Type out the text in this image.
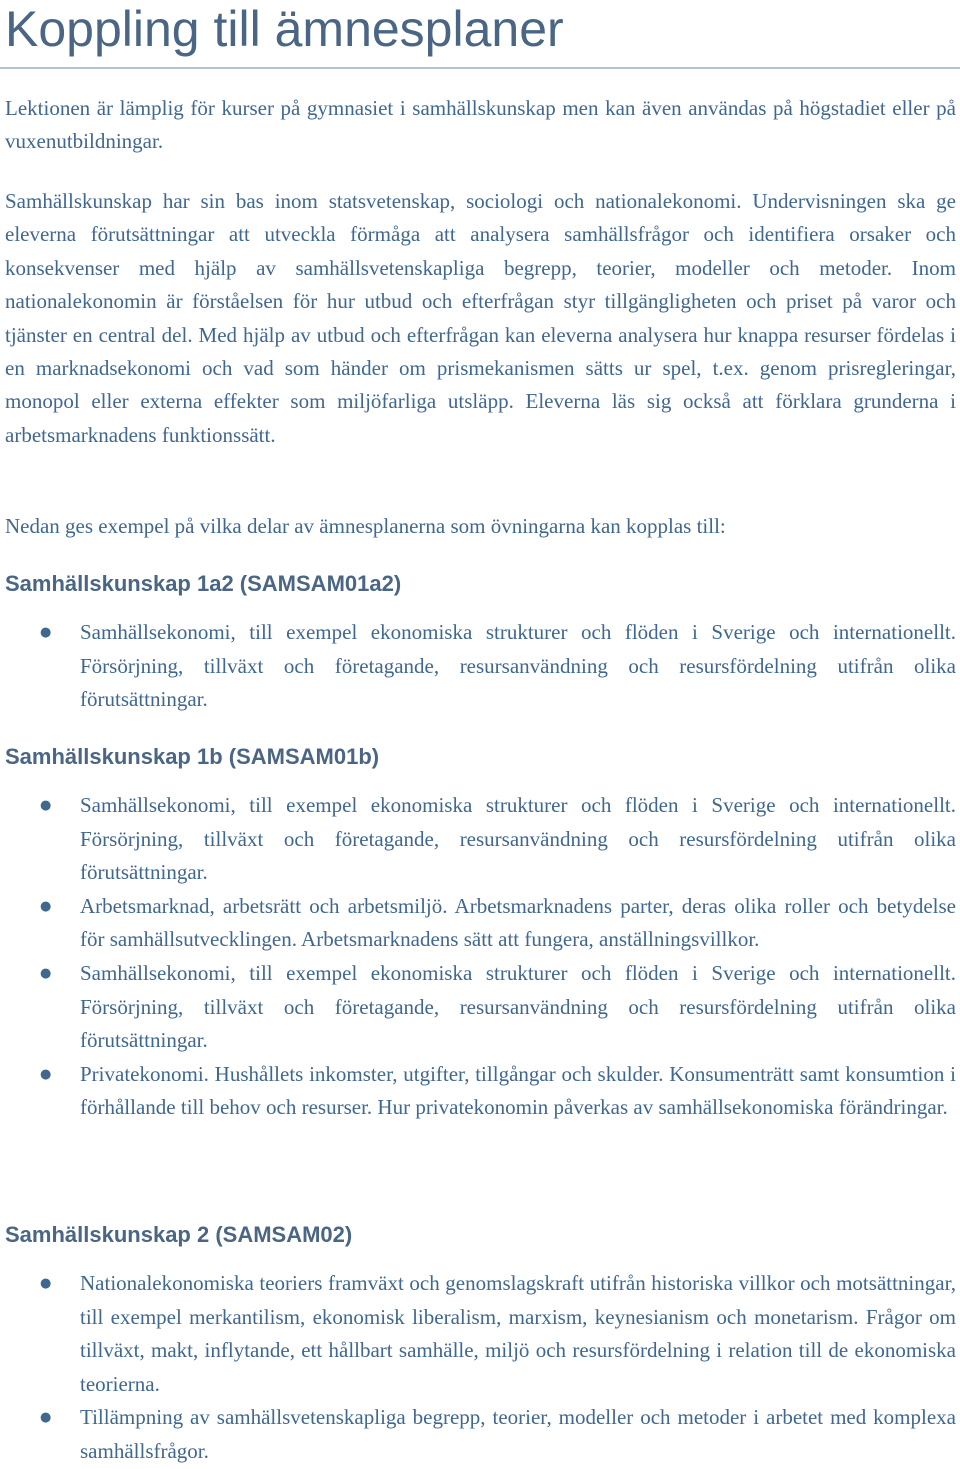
Koppling till ämnesplaner

Lektionen är lämplig för kurser på gymnasiet i samhällskunskap men kan även användas på högstadiet eller på vuxenutbildningar.

Samhällskunskap har sin bas inom statsvetenskap, sociologi och nationalekonomi. Undervisningen ska ge eleverna förutsättningar att utveckla förmåga att analysera samhällsfrågor och identifiera orsaker och konsekvenser med hjälp av samhällsvetenskapliga begrepp, teorier, modeller och metoder. Inom nationalekonomin är förståelsen för hur utbud och efterfrågan styr tillgängligheten och priset på varor och tjänster en central del. Med hjälp av utbud och efterfrågan kan eleverna analysera hur knappa resurser fördelas i en marknadsekonomi och vad som händer om prismekanismen sätts ur spel, t.ex. genom prisregleringar, monopol eller externa effekter som miljöfarliga utsläpp. Eleverna läs sig också att förklara grunderna i arbetsmarknadens funktionssätt.

Nedan ges exempel på vilka delar av ämnesplanerna som övningarna kan kopplas till:

Samhällskunskap 1a2 (SAMSAM01a2)
● Samhällsekonomi, till exempel ekonomiska strukturer och flöden i Sverige och internationellt. Försörjning, tillväxt och företagande, resursanvändning och resursfördelning utifrån olika förutsättningar.
Samhällskunskap 1b (SAMSAM01b)
● Samhällsekonomi, till exempel ekonomiska strukturer och flöden i Sverige och internationellt. Försörjning, tillväxt och företagande, resursanvändning och resursfördelning utifrån olika förutsättningar.
● Arbetsmarknad, arbetsrätt och arbetsmiljö. Arbetsmarknadens parter, deras olika roller och betydelse för samhällsutvecklingen. Arbetsmarknadens sätt att fungera, anställningsvillkor.
● Samhällsekonomi, till exempel ekonomiska strukturer och flöden i Sverige och internationellt. Försörjning, tillväxt och företagande, resursanvändning och resursfördelning utifrån olika förutsättningar.
● Privatekonomi. Hushållets inkomster, utgifter, tillgångar och skulder. Konsumenträtt samt konsumtion i förhållande till behov och resurser. Hur privatekonomin påverkas av samhällsekonomiska förändringar.
Samhällskunskap 2 (SAMSAM02)
● Nationalekonomiska teoriers framväxt och genomslagskraft utifrån historiska villkor och motsättningar, till exempel merkantilism, ekonomisk liberalism, marxism, keynesianism och monetarism. Frågor om tillväxt, makt, inflytande, ett hållbart samhälle, miljö och resursfördelning i relation till de ekonomiska teorierna.
● Tillämpning av samhällsvetenskapliga begrepp, teorier, modeller och metoder i arbetet med komplexa samhällsfrågor.
